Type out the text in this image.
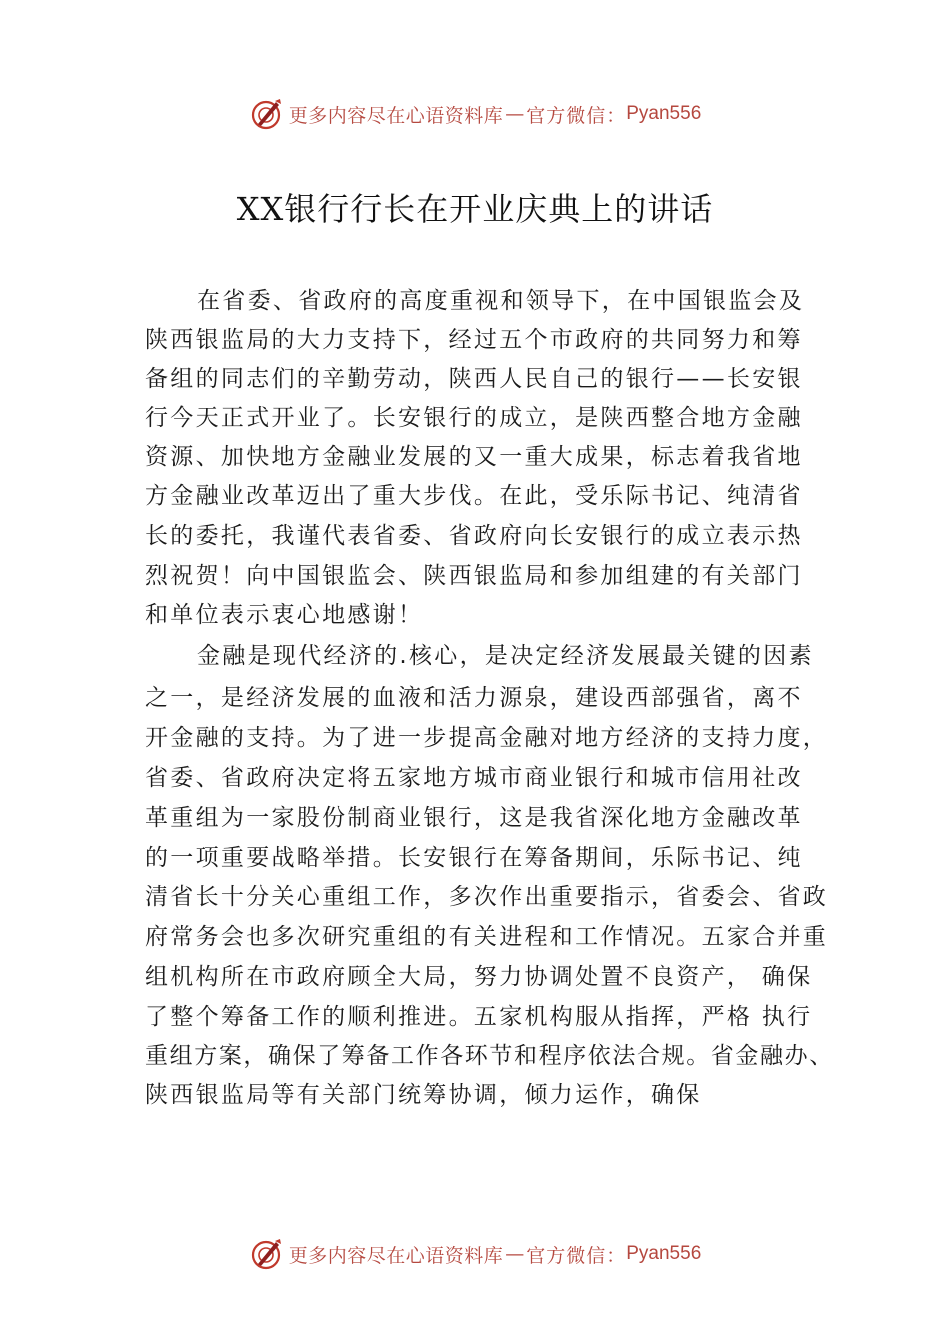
更多内容尽在心语资料库 — 官方微信： Pyan556
XX银行行长在开业庆典上的讲话
在省委、省政府的高度重视和领导下，在中国银监会及
陕西银监局的大力支持下，经过五个市政府的共同努力和筹
备组的同志们的辛勤劳动，陕西人民自己的银行——长安银
行今天正式开业了。长安银行的成立，是陕西整合地方金融
资源、加快地方金融业发展的又一重大成果，标志着我省地
方金融业改革迈出了重大步伐。在此，受乐际书记、纯清省
长的委托，我谨代表省委、省政府向长安银行的成立表示热
烈祝贺！向中国银监会、陕西银监局和参加组建的有关部门
和单位表示衷心地感谢！
金融是现代经济的.核心，是决定经济发展最关键的因素
之一，是经济发展的血液和活力源泉，建设西部强省，离不
开金融的支持。为了进一步提高金融对地方经济的支持力度，
省委、省政府决定将五家地方城市商业银行和城市信用社改
革重组为一家股份制商业银行，这是我省深化地方金融改革
的一项重要战略举措。长安银行在筹备期间，乐际书记、纯
清省长十分关心重组工作，多次作出重要指示，省委会、省政
府常务会也多次研究重组的有关进程和工作情况。五家合并重
组机构所在市政府顾全大局，努力协调处置不良资产， 确保
了整个筹备工作的顺利推进。五家机构服从指挥，严格 执行
重组方案，确保了筹备工作各环节和程序依法合规。省金融办、
陕西银监局等有关部门统筹协调，倾力运作，确保
更多内容尽在心语资料库 — 官方微信： Pyan556
